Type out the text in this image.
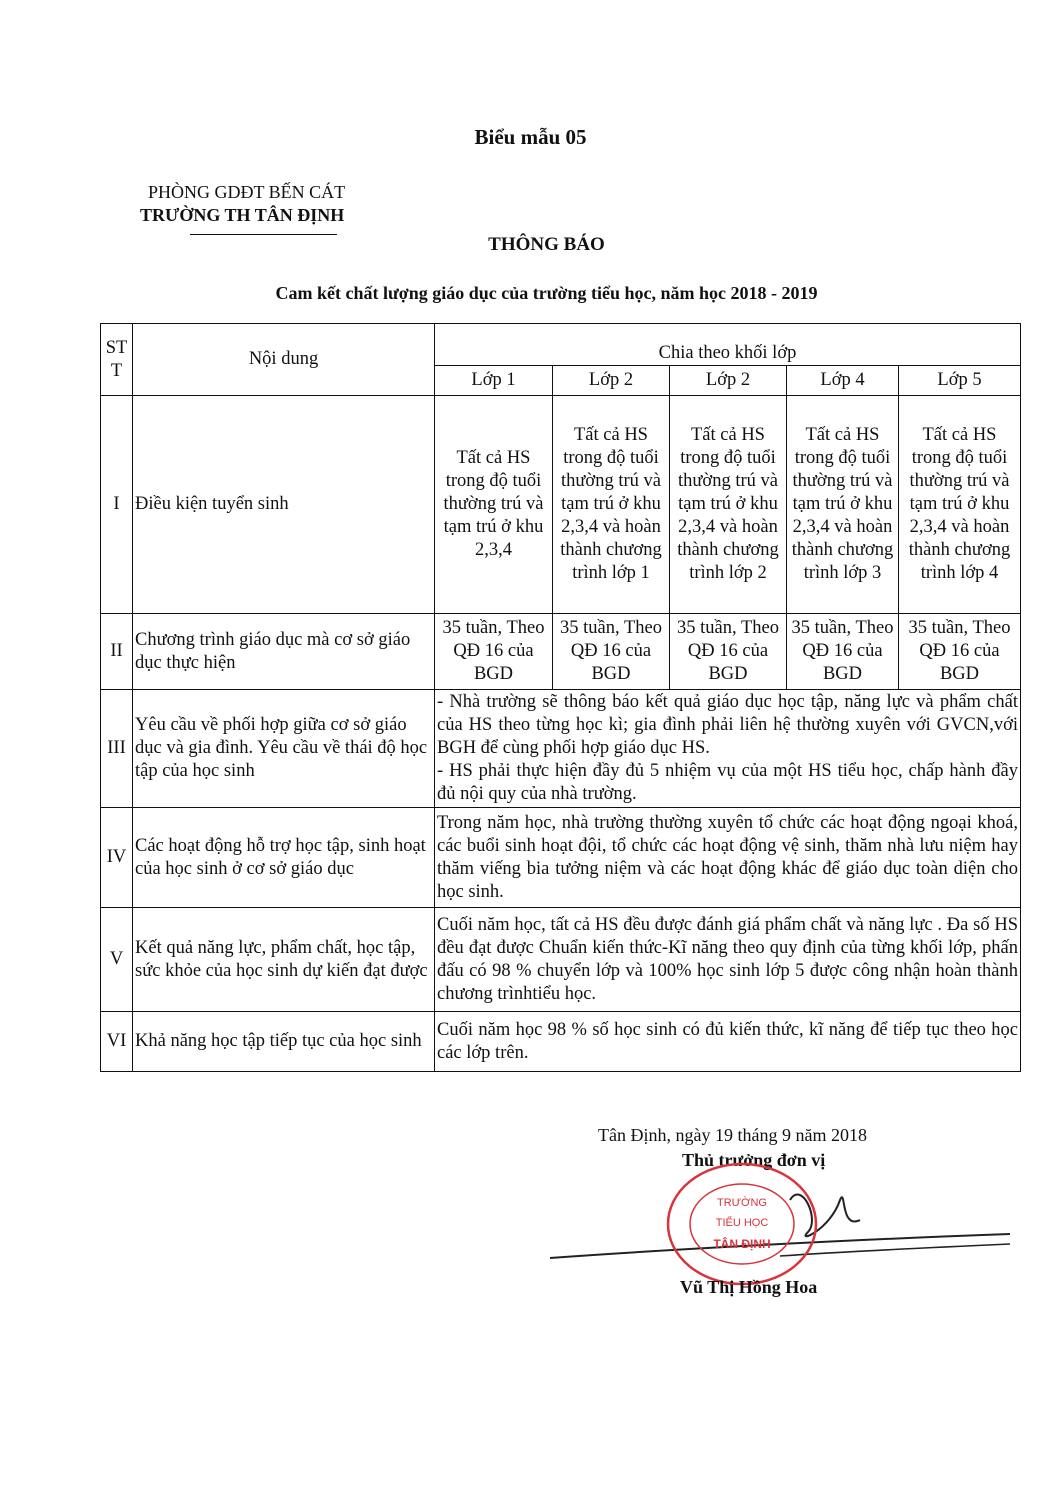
Biểu mẫu 05
PHÒNG GDĐT BẾN CÁT
TRƯỜNG TH TÂN ĐỊNH
THÔNG BÁO
Cam kết chất lượng giáo dục của trường tiểu học, năm học 2018 - 2019
STT	Nội dung	Chia theo khối lớp				
		Lớp 1	Lớp 2	Lớp 2	Lớp 4	Lớp 5
I	Điều kiện tuyển sinh	Tất cả HS trong độ tuổi thường trú và tạm trú ở khu 2,3,4	Tất cả HS trong độ tuổi thường trú và tạm trú ở khu 2,3,4 và hoàn thành chương trình lớp 1	Tất cả HS trong độ tuổi thường trú và tạm trú ở khu 2,3,4 và hoàn thành chương trình lớp 2	Tất cả HS trong độ tuổi thường trú và tạm trú ở khu 2,3,4 và hoàn thành chương trình lớp 3	Tất cả HS trong độ tuổi thường trú và tạm trú ở khu 2,3,4 và hoàn thành chương trình lớp 4
II	Chương trình giáo dục mà cơ sở giáo dục thực hiện	35 tuần, Theo QĐ 16 của BGD	35 tuần, Theo QĐ 16 của BGD	35 tuần, Theo QĐ 16 của BGD	35 tuần, Theo QĐ 16 của BGD	35 tuần, Theo QĐ 16 của BGD
III	Yêu cầu về phối hợp giữa cơ sở giáo dục và gia đình. Yêu cầu về thái độ học tập của học sinh	- Nhà trường sẽ thông báo kết quả giáo dục học tập, năng lực và phẩm chất của HS theo từng học kì; gia đình phải liên hệ thường xuyên với GVCN,với BGH để cùng phối hợp giáo dục HS.
- HS phải thực hiện đầy đủ 5 nhiệm vụ của một HS tiểu học, chấp hành đầy đủ nội quy của nhà trường.				

IV	Các hoạt động hỗ trợ học tập, sinh hoạt của học sinh ở cơ sở giáo dục	Trong năm học, nhà trường thường xuyên tổ chức các hoạt động ngoại khoá, các buổi sinh hoạt đội, tổ chức các hoạt động vệ sinh, thăm nhà lưu niệm hay thăm viếng bia tưởng niệm và các hoạt động khác để giáo dục toàn diện cho học sinh.				
V	Kết quả năng lực, phẩm chất, học tập, sức khỏe của học sinh dự kiến đạt được	Cuối năm học, tất cả HS đều được đánh giá phẩm chất và năng lực . Đa số HS đều đạt được Chuẩn kiến thức-Kĩ năng theo quy định của từng khối lớp, phấn đấu có 98 % chuyển lớp và 100% học sinh lớp 5 được công nhận hoàn thành chương trìnhtiểu học.				
VI	Khả năng học tập tiếp tục của học sinh	Cuối năm học 98 % số học sinh có đủ kiến thức, kĩ năng để tiếp tục theo học các lớp trên.				
Tân Định, ngày 19 tháng 9 năm 2018
Thủ trưởng đơn vị
TRƯỜNG
TIỂU HỌC
TÂN ĐỊNH
Vũ Thị Hồng Hoa
